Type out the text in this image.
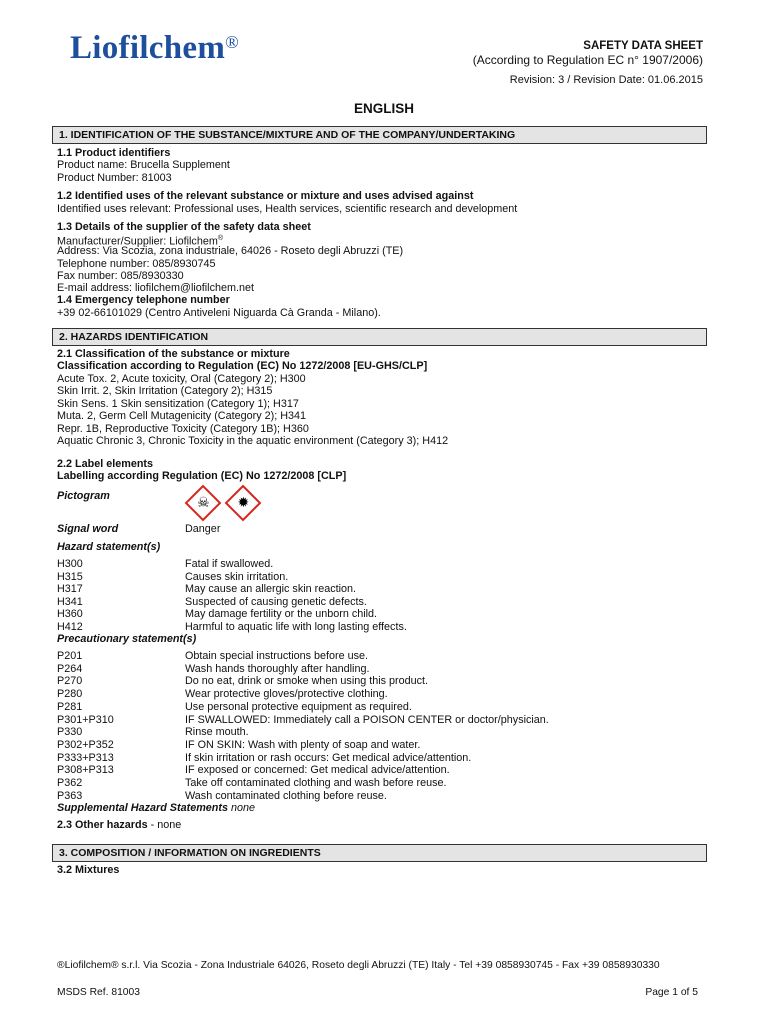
Liofilchem®	SAFETY DATA SHEET
(According to Regulation EC n° 1907/2006)
Revision: 3 / Revision Date: 01.06.2015
ENGLISH
1. IDENTIFICATION OF THE SUBSTANCE/MIXTURE AND OF THE COMPANY/UNDERTAKING
1.1 Product identifiers
Product name: Brucella Supplement
Product Number: 81003
1.2 Identified uses of the relevant substance or mixture and uses advised against
Identified uses relevant: Professional uses, Health services, scientific research and development
1.3 Details of the supplier of the safety data sheet
Manufacturer/Supplier: Liofilchem®
Address: Via Scozia, zona industriale, 64026 - Roseto degli Abruzzi (TE)
Telephone number: 085/8930745
Fax number: 085/8930330
E-mail address: liofilchem@liofilchem.net
1.4 Emergency telephone number
+39 02-66101029 (Centro Antiveleni Niguarda Cà Granda - Milano).
2. HAZARDS IDENTIFICATION
2.1 Classification of the substance or mixture
Classification according to Regulation (EC) No 1272/2008 [EU-GHS/CLP]
Acute Tox. 2, Acute toxicity, Oral (Category 2); H300
Skin Irrit. 2, Skin Irritation (Category 2); H315
Skin Sens. 1 Skin sensitization (Category 1); H317
Muta. 2, Germ Cell Mutagenicity (Category 2); H341
Repr. 1B, Reproductive Toxicity (Category 1B); H360
Aquatic Chronic 3, Chronic Toxicity in the aquatic environment (Category 3); H412
2.2 Label elements
Labelling according Regulation (EC) No 1272/2008 [CLP]
Pictogram	☠	✹
Signal word	Danger
Hazard statement(s)
H300	Fatal if swallowed.
H315	Causes skin irritation.
H317	May cause an allergic skin reaction.
H341	Suspected of causing genetic defects.
H360	May damage fertility or the unborn child.
H412	Harmful to aquatic life with long lasting effects.
Precautionary statement(s)
P201	Obtain special instructions before use.
P264	Wash hands thoroughly after handling.
P270	Do no eat, drink or smoke when using this product.
P280	Wear protective gloves/protective clothing.
P281	Use personal protective equipment as required.
P301+P310	IF SWALLOWED: Immediately call a POISON CENTER or doctor/physician.
P330	Rinse mouth.
P302+P352	IF ON SKIN: Wash with plenty of soap and water.
P333+P313	If skin irritation or rash occurs: Get medical advice/attention.
P308+P313	IF exposed or concerned: Get medical advice/attention.
P362	Take off contaminated clothing and wash before reuse.
P363	Wash contaminated clothing before reuse.
Supplemental Hazard Statements none
2.3 Other hazards - none
3. COMPOSITION / INFORMATION ON INGREDIENTS
3.2 Mixtures
®Liofilchem® s.r.l. Via Scozia - Zona Industriale 64026, Roseto degli Abruzzi (TE) Italy - Tel +39 0858930745 - Fax +39 0858930330
MSDS Ref. 81003	Page 1 of 5
